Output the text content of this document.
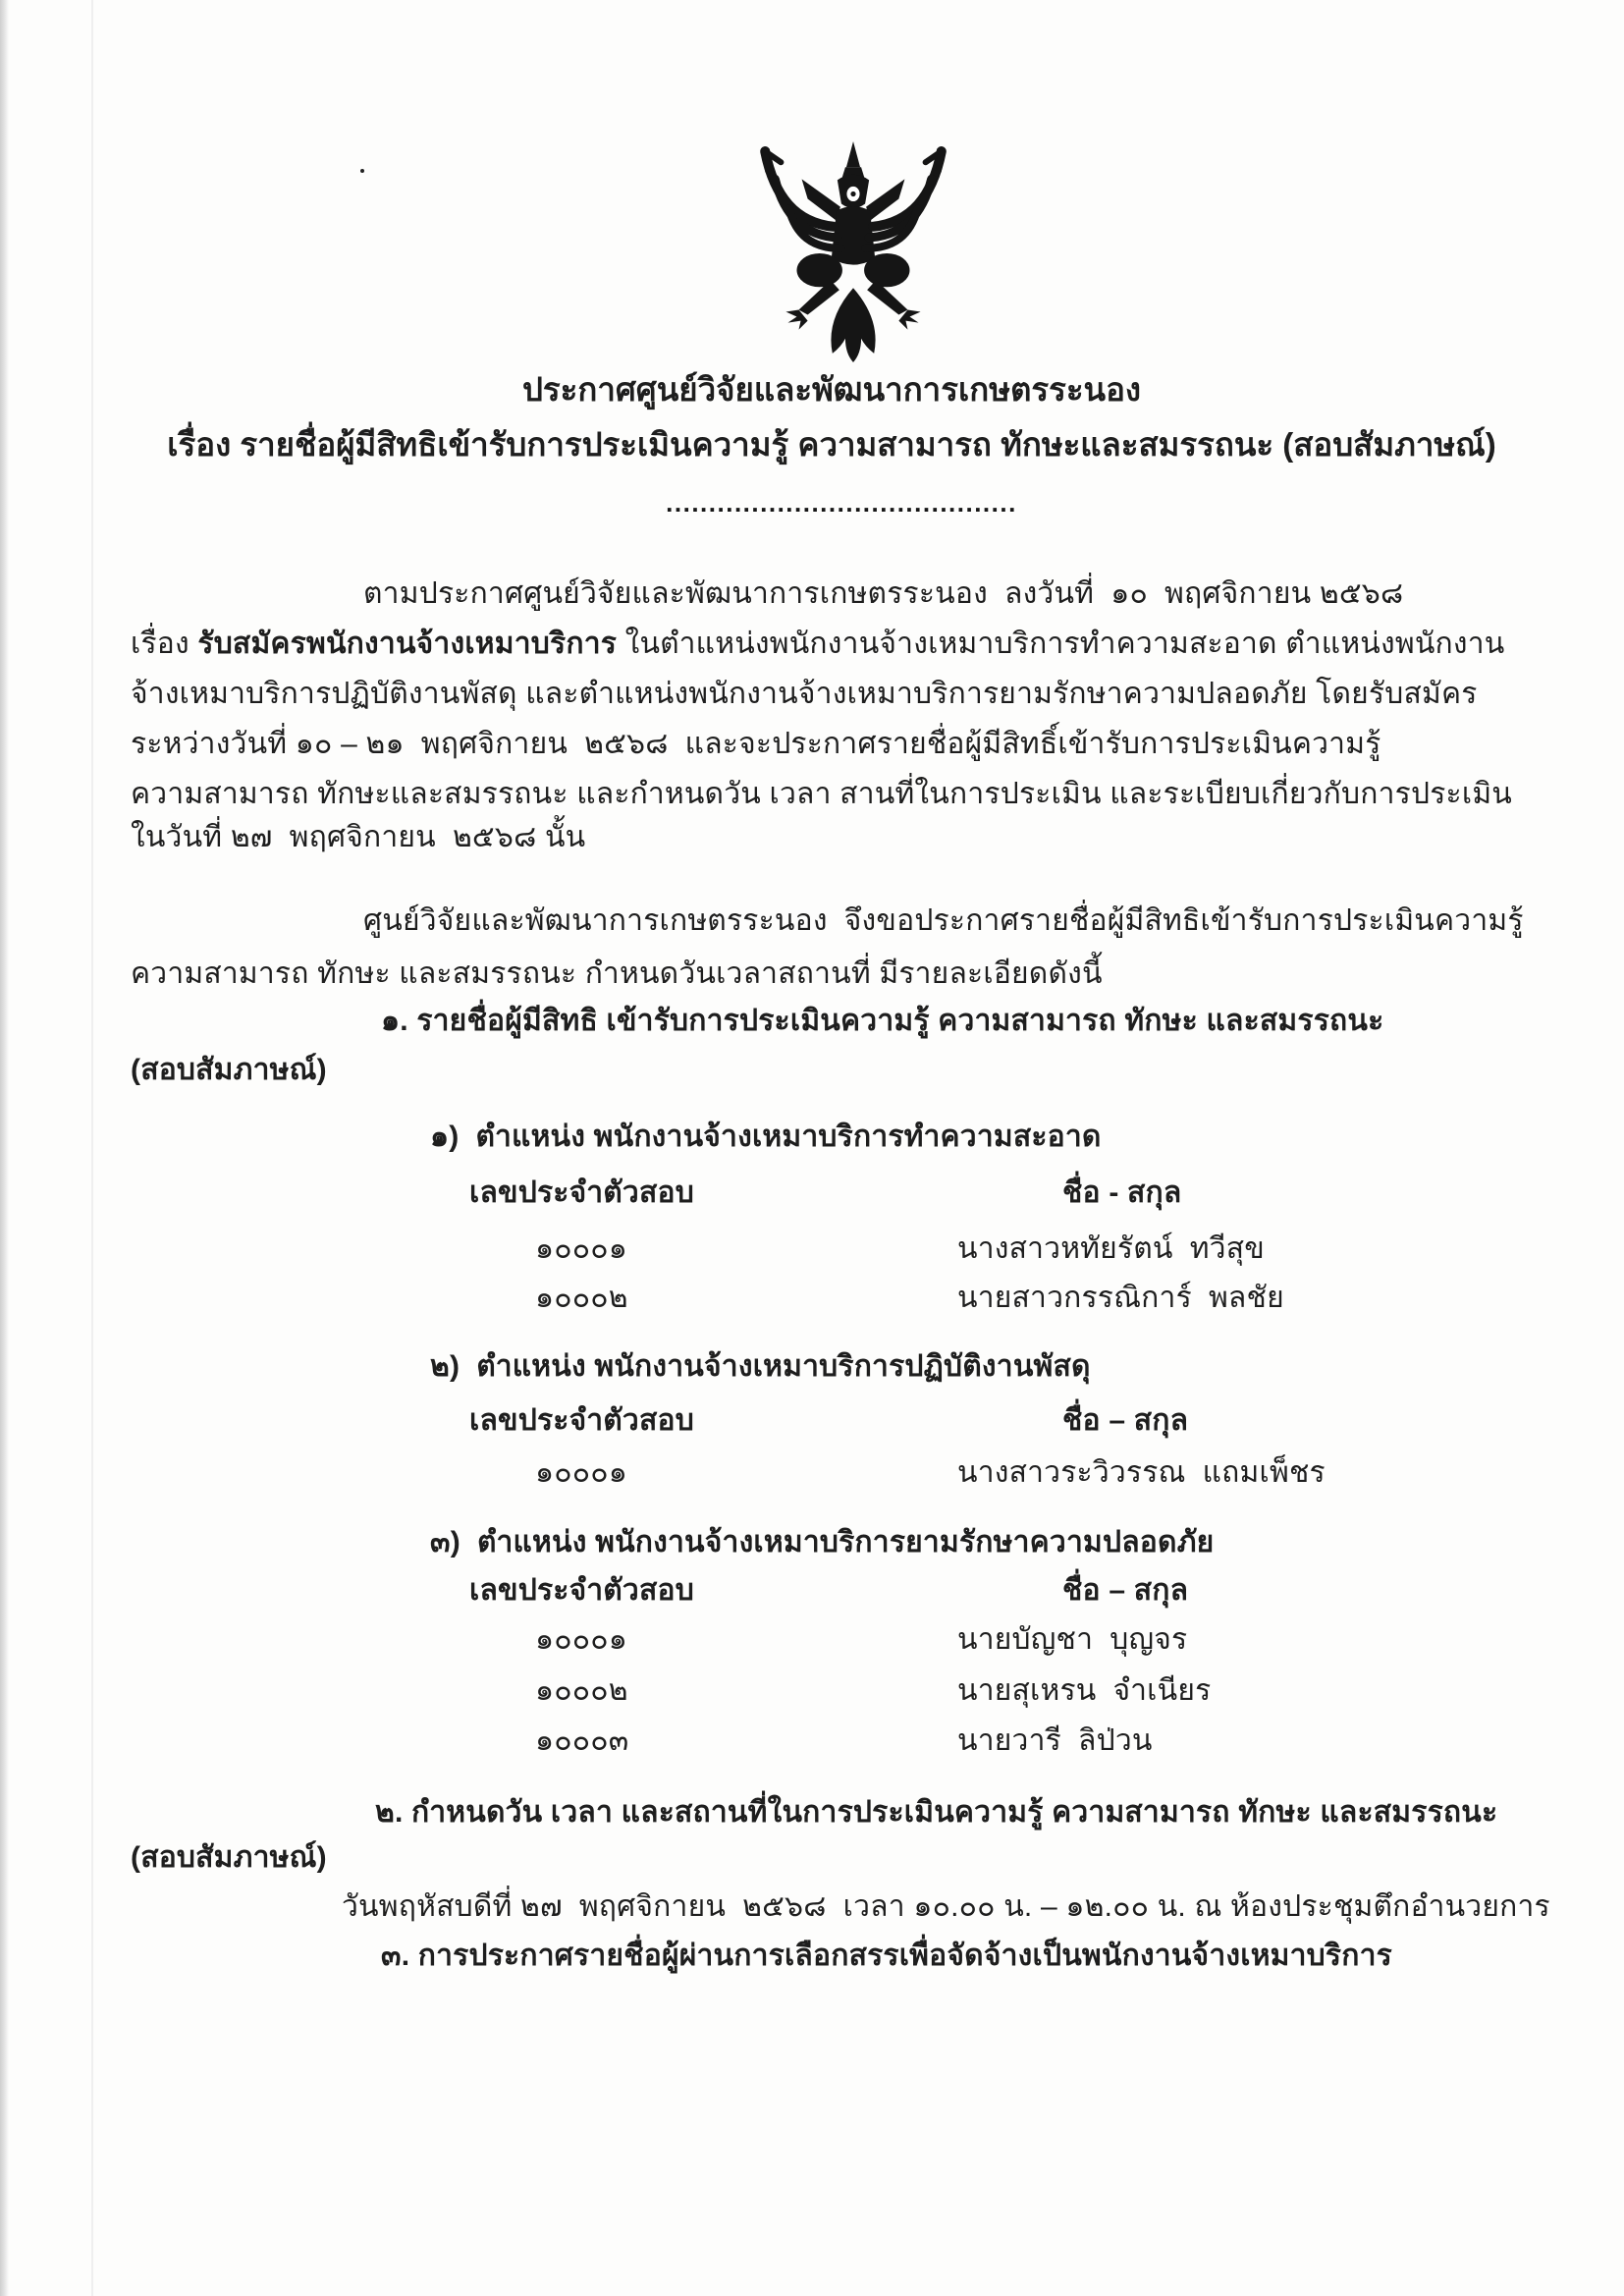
ประกาศศูนย์วิจัยและพัฒนาการเกษตรระนอง
เรื่อง รายชื่อผู้มีสิทธิเข้ารับการประเมินความรู้ ความสามารถ ทักษะและสมรรถนะ (สอบสัมภาษณ์)
.........................................
ตามประกาศศูนย์วิจัยและพัฒนาการเกษตรระนอง  ลงวันที่  ๑๐  พฤศจิกายน ๒๕๖๘
เรื่อง รับสมัครพนักงานจ้างเหมาบริการ ในตำแหน่งพนักงานจ้างเหมาบริการทำความสะอาด ตำแหน่งพนักงาน
จ้างเหมาบริการปฏิบัติงานพัสดุ และตำแหน่งพนักงานจ้างเหมาบริการยามรักษาความปลอดภัย โดยรับสมัคร
ระหว่างวันที่ ๑๐ – ๒๑  พฤศจิกายน  ๒๕๖๘  และจะประกาศรายชื่อผู้มีสิทธิ์เข้ารับการประเมินความรู้
ความสามารถ ทักษะและสมรรถนะ และกำหนดวัน เวลา สานที่ในการประเมิน และระเบียบเกี่ยวกับการประเมิน
ในวันที่ ๒๗  พฤศจิกายน  ๒๕๖๘ นั้น
ศูนย์วิจัยและพัฒนาการเกษตรระนอง  จึงขอประกาศรายชื่อผู้มีสิทธิเข้ารับการประเมินความรู้
ความสามารถ ทักษะ และสมรรถนะ กำหนดวันเวลาสถานที่ มีรายละเอียดดังนี้
๑. รายชื่อผู้มีสิทธิ เข้ารับการประเมินความรู้ ความสามารถ ทักษะ และสมรรถนะ
(สอบสัมภาษณ์)
๑)  ตำแหน่ง พนักงานจ้างเหมาบริการทำความสะอาด
เลขประจำตัวสอบ	ชื่อ - สกุล
๑๐๐๐๑	นางสาวหทัยรัตน์  ทวีสุข
๑๐๐๐๒	นายสาวกรรณิการ์  พลชัย
๒)  ตำแหน่ง พนักงานจ้างเหมาบริการปฏิบัติงานพัสดุ
เลขประจำตัวสอบ	ชื่อ – สกุล
๑๐๐๐๑	นางสาวระวิวรรณ  แถมเพ็ชร
๓)  ตำแหน่ง พนักงานจ้างเหมาบริการยามรักษาความปลอดภัย
เลขประจำตัวสอบ	ชื่อ – สกุล
๑๐๐๐๑	นายบัญชา  บุญจร
๑๐๐๐๒	นายสุเหรน  จำเนียร
๑๐๐๐๓	นายวารี  ลิป่วน
๒. กำหนดวัน เวลา และสถานที่ในการประเมินความรู้ ความสามารถ ทักษะ และสมรรถนะ
(สอบสัมภาษณ์)
วันพฤหัสบดีที่ ๒๗  พฤศจิกายน  ๒๕๖๘  เวลา ๑๐.๐๐ น. – ๑๒.๐๐ น. ณ ห้องประชุมตึกอำนวยการ
๓. การประกาศรายชื่อผู้ผ่านการเลือกสรรเพื่อจัดจ้างเป็นพนักงานจ้างเหมาบริการ
